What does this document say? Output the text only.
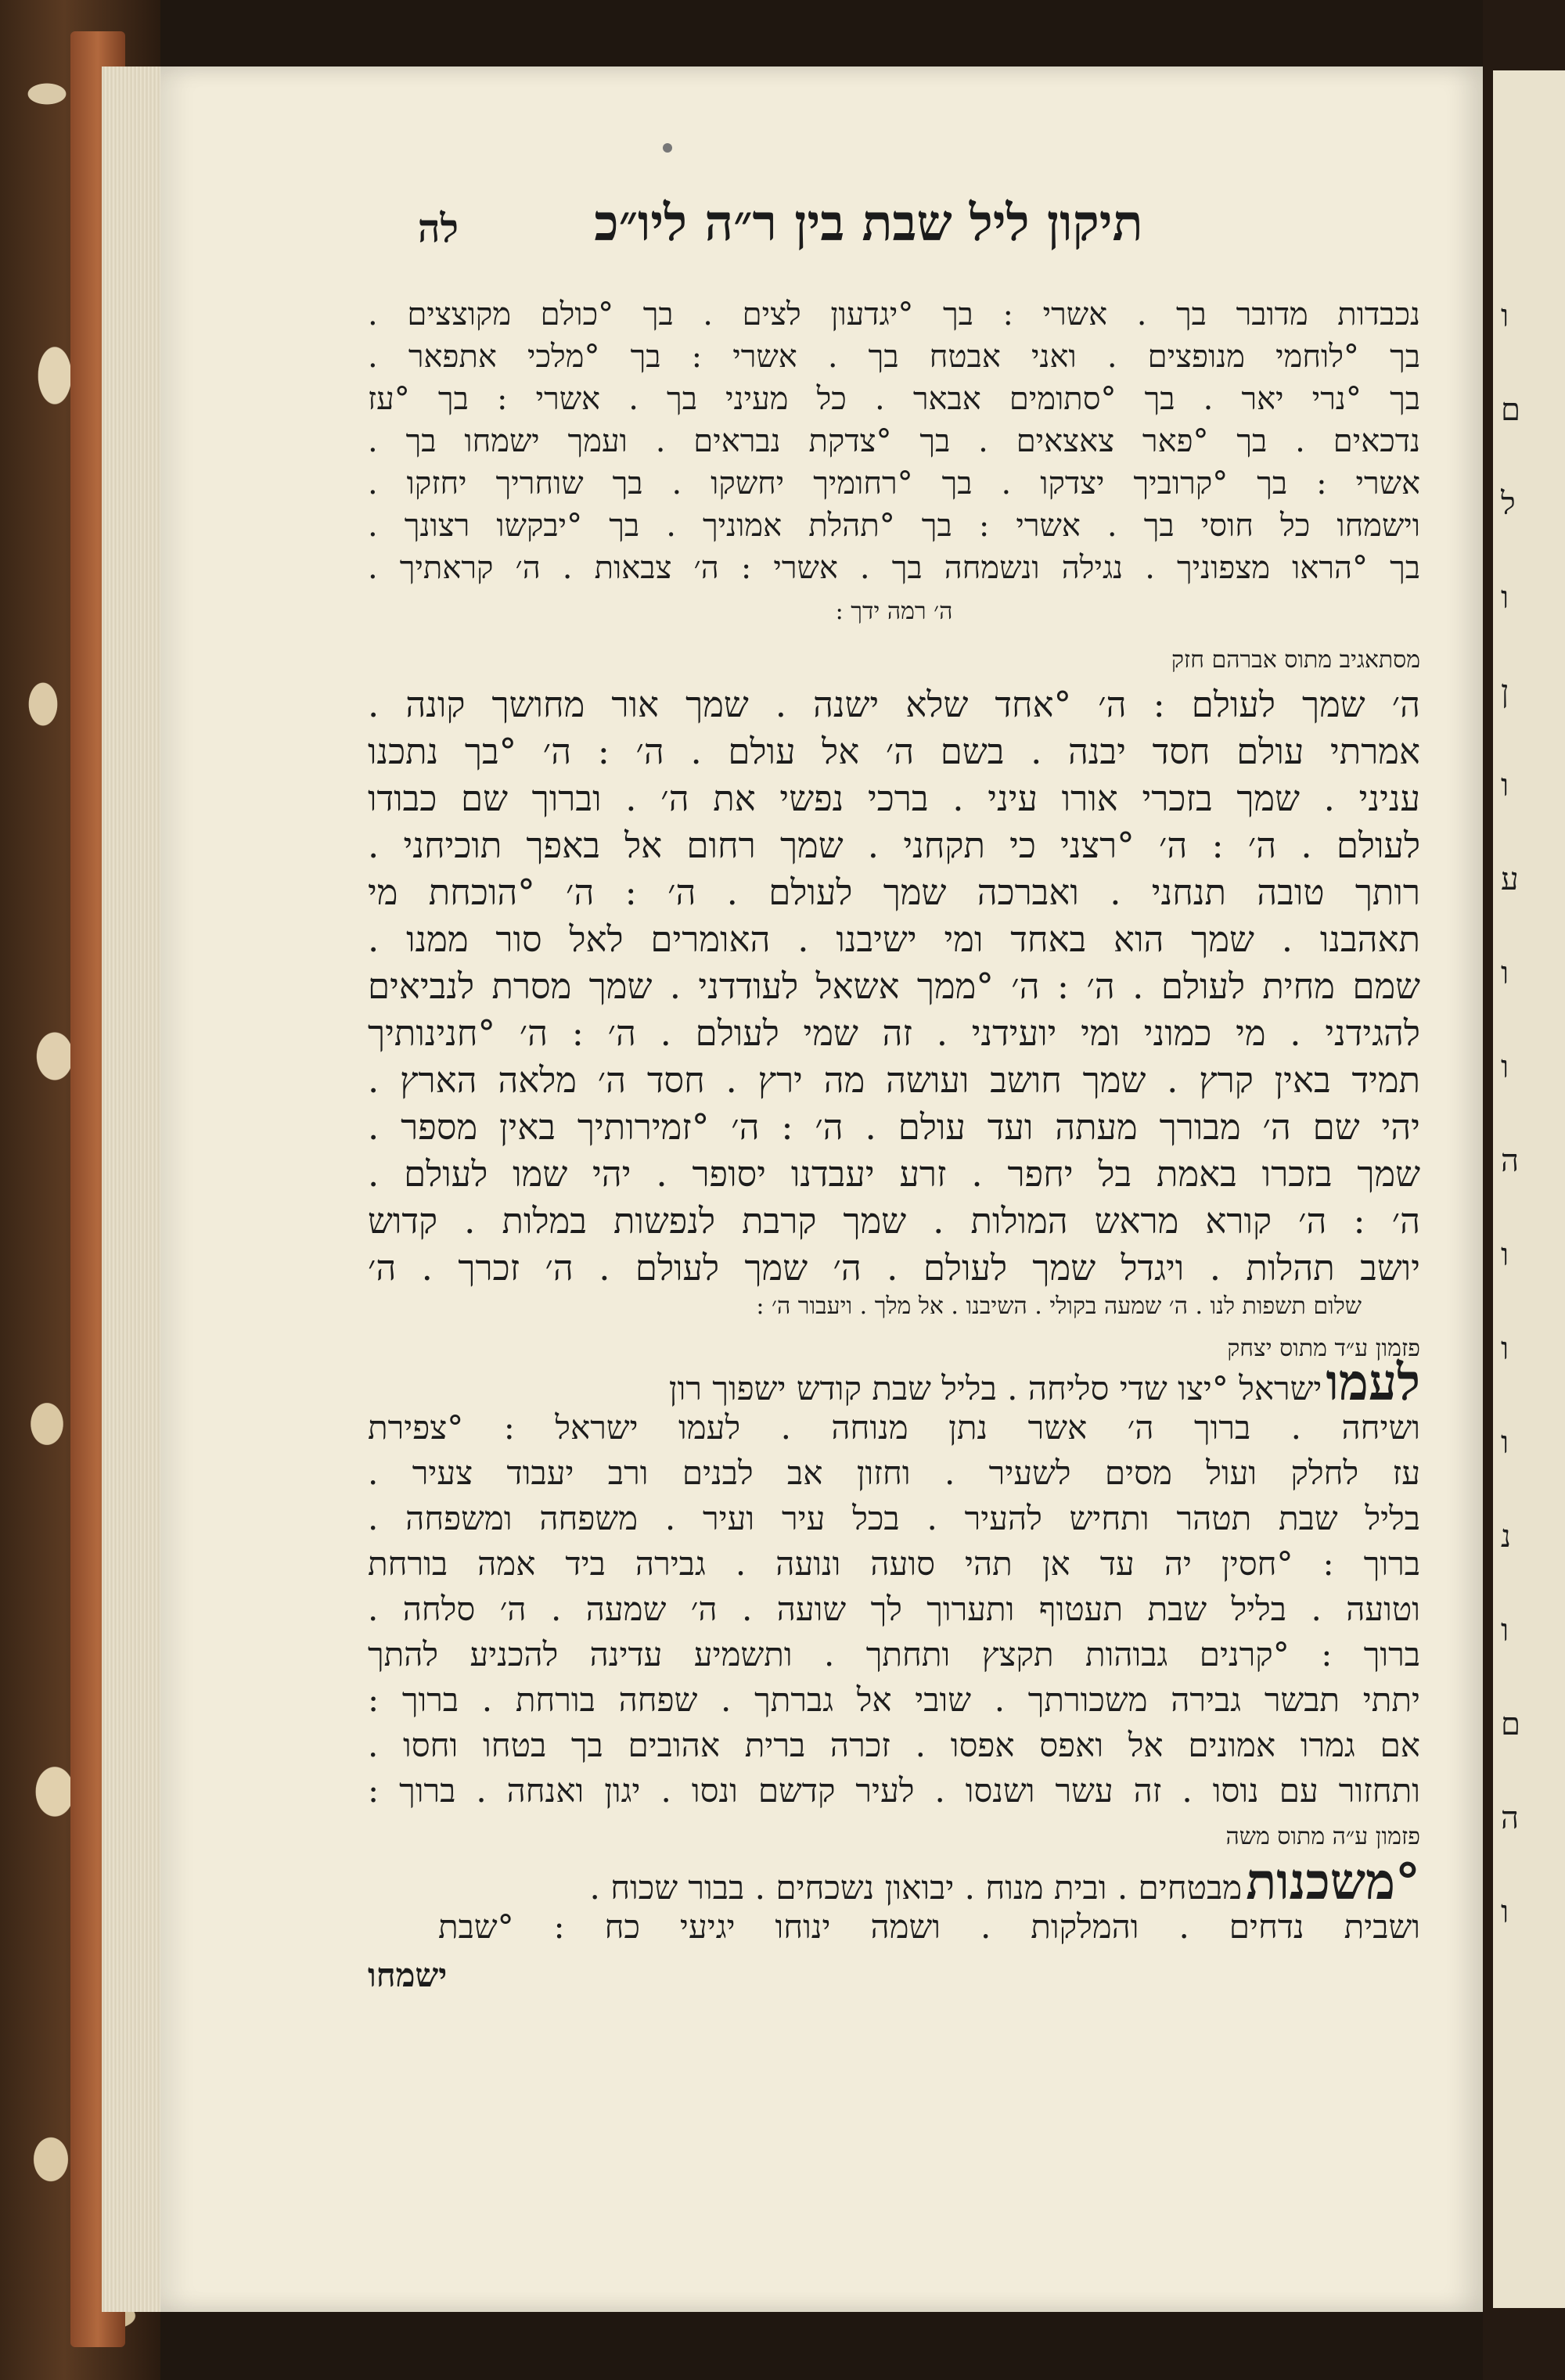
תיקון ליל שבת בין ר״ה ליו״כ
לה
נכבדות מדובר בך . אשרי : בך °יגדעון לצים . בך °כולם מקוצצים .
בך °לוחמי מנופצים . ואני אבטח בך . אשרי : בך °מלכי אתפאר .
בך °נרי יאר . בך °סתומים אבאר . כל מעיני בך . אשרי : בך °עז
נדכאים . בך °פאר צאצאים . בך °צדקת נבראים . ועמך ישמחו בך .
אשרי : בך °קרוביך יצדקו . בך °רחומיך יחשקו . בך שוחריך יחזקו .
וישמחו כל חוסי בך . אשרי : בך °תהלת אמוניך . בך °יבקשו רצונך .
בך °הראו מצפוניך . נגילה ונשמחה בך . אשרי : ה׳ צבאות . ה׳ קראתיך .
ה׳ רמה ידך :
מסתאגיב מתוס אברהם חזק
ה׳ שמך לעולם : ה׳ °אחד שלא ישנה . שמך אור מחושך קונה .
אמרתי עולם חסד יבנה . בשם ה׳ אל עולם . ה׳ : ה׳ °בך נתכנו
עניני . שמך בזכרי אורו עיני . ברכי נפשי את ה׳ . וברוך שם כבודו
לעולם . ה׳ : ה׳ °רצני כי תקחני . שמך רחום אל באפך תוכיחני .
רותך טובה תנחני . ואברכה שמך לעולם . ה׳ : ה׳ °הוכחת מי
תאהבנו . שמך הוא באחד ומי ישיבנו . האומרים לאל סור ממנו .
שמם מחית לעולם . ה׳ : ה׳ °ממך אשאל לעודדני . שמך מסרת לנביאים
להגידני . מי כמוני ומי יועידני . זה שמי לעולם . ה׳ : ה׳ °חנינותיך
תמיד באין קרץ . שמך חושב ועושה מה ירץ . חסד ה׳ מלאה הארץ .
יהי שם ה׳ מבורך מעתה ועד עולם . ה׳ : ה׳ °זמירותיך באין מספר .
שמך בזכרו באמת בל יחפר . זרע יעבדנו יסופר . יהי שמו לעולם .
ה׳ : ה׳ קורא מראש המולות . שמך קרבת לנפשות במלות . קדוש
יושב תהלות . ויגדל שמך לעולם . ה׳ שמך לעולם . ה׳ זכרך . ה׳
שלום תשפות לנו . ה׳ שמעה בקולי . השיבנו . אל מלך . ויעבור ה׳ :
פזמון ע״ד מתוס יצחק
לעמו ישראל °יצו שדי סליחה . בליל שבת קודש ישפוך רון
ושיחה . ברוך ה׳ אשר נתן מנוחה . לעמו ישראל : °צפירת
עז לחלק ועול מסים לשעיר . וחזון אב לבנים ורב יעבוד צעיר .
בליל שבת תטהר ותחיש להעיר . בכל עיר ועיר . משפחה ומשפחה .
ברוך : °חסין יה עד אן תהי סועה ונועה . גבירה ביד אמה בורחת
וטועה . בליל שבת תעטוף ותערוך לך שועה . ה׳ שמעה . ה׳ סלחה .
ברוך : °קרנים גבוהות תקצץ ותחתך . ותשמיע עדינה להכניע להתך
יתתי תבשר גבירה משכורתך . שובי אל גברתך . שפחה בורחת . ברוך :
אם גמרו אמונים אל ואפס אפסו . זכרה ברית אהובים בך בטחו וחסו .
ותחזור עם נוסו . זה עשר ושנסו . לעיר קדשם ונסו . יגון ואנחה . ברוך :
פזמון ע״ה מתוס משה
°משכנות מבטחים . ובית מנוח . יבואון נשכחים . בבור שכוח .
ושבית נדחים . והמלקות . ושמה ינוחו יגיעי כח : °שבת
ישמחו
ו
ם
ל
ו
ן
ו
ע
ו
ו
ה
ו
ו
ו
נ
ו
ם
ה
ו
